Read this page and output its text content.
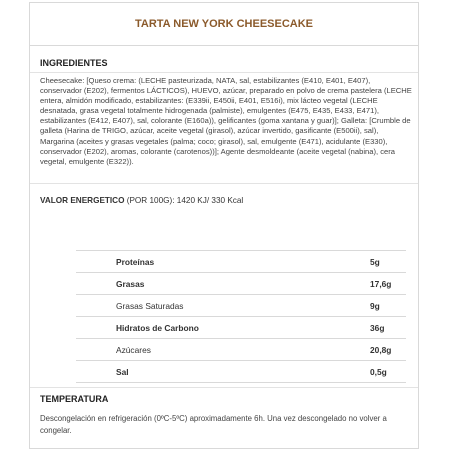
TARTA NEW YORK CHEESECAKE
INGREDIENTES
Cheesecake: [Queso crema: (LECHE pasteurizada, NATA, sal, estabilizantes (E410, E401, E407), conservador (E202), fermentos LÁCTICOS), HUEVO, azúcar, preparado en polvo de crema pastelera (LECHE entera, almidón modificado, estabilizantes: (E339ii, E450ii, E401, E516i), mix lácteo vegetal (LECHE desnatada, grasa vegetal totalmente hidrogenada (palmiste), emulgentes (E475, E435, E433, E471), estabilizantes (E412, E407), sal, colorante (E160a)), gelificantes (goma xantana y guar)]; Galleta: [Crumble de galleta (Harina de TRIGO, azúcar, aceite vegetal (girasol), azúcar invertido, gasificante (E500ii), sal), Margarina (aceites y grasas vegetales (palma; coco; girasol), sal, emulgente (E471), acidulante (E330), conservador (E202), aromas, colorante (carotenos))]; Agente desmoldeante (aceite vegetal (nabina), cera vegetal, emulgente (E322)).
VALOR ENERGETICO (POR 100G): 1420 KJ/ 330 Kcal
Proteínas	5g
Grasas	17,6g
Grasas Saturadas	9g
Hidratos de Carbono	36g
Azúcares	20,8g
Sal	0,5g
TEMPERATURA
Descongelación en refrigeración (0ºC-5ºC) aproximadamente 6h. Una vez descongelado no volver a congelar.
